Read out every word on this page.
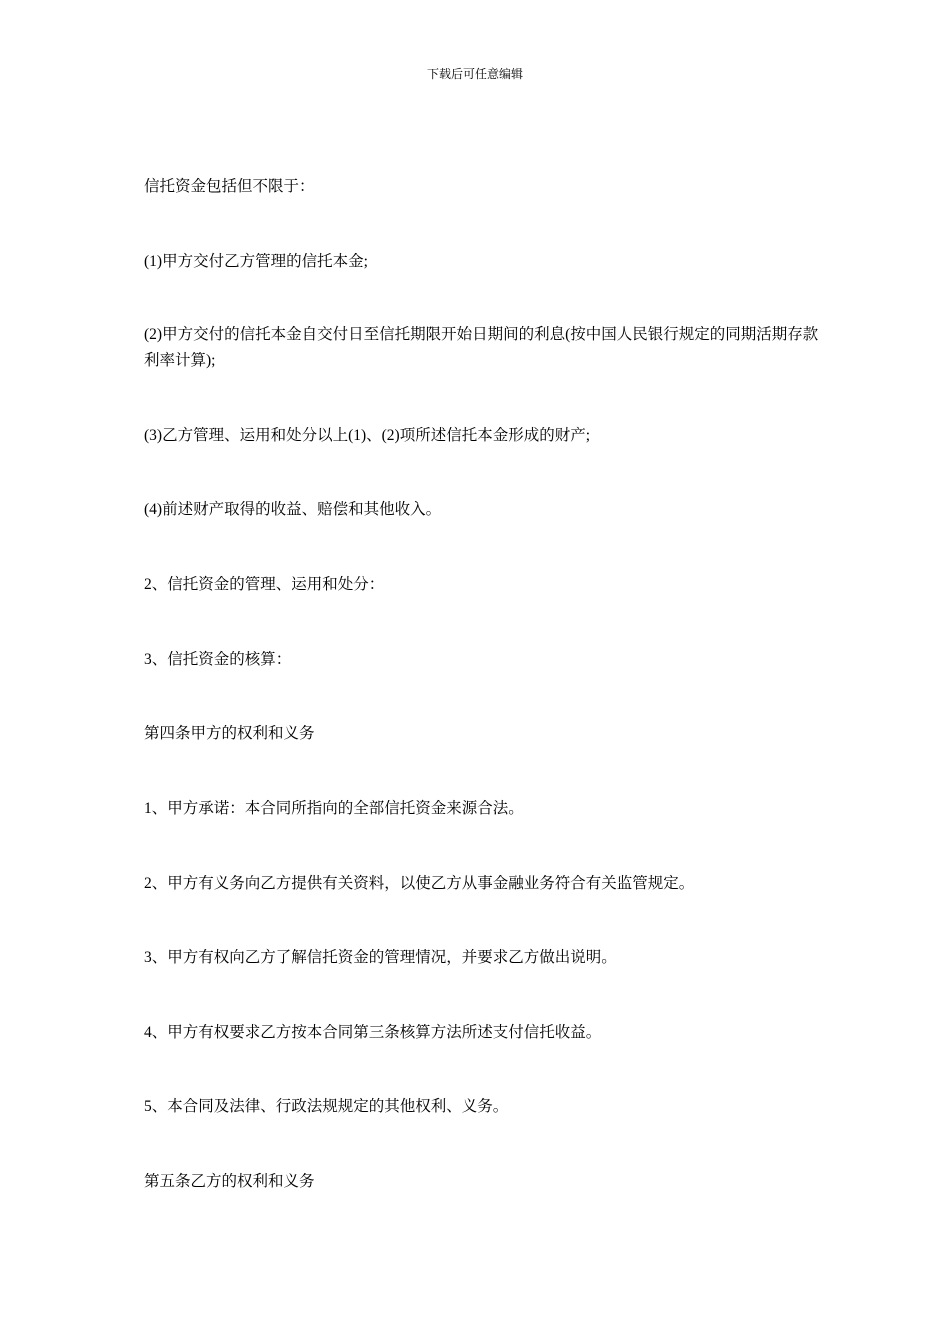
下载后可任意编辑

信托资金包括但不限于：

(1)甲方交付乙方管理的信托本金;

(2)甲方交付的信托本金自交付日至信托期限开始日期间的利息(按中国人民银行规定的同期活期存款利率计算);

(3)乙方管理、运用和处分以上(1)、(2)项所述信托本金形成的财产;

(4)前述财产取得的收益、赔偿和其他收入。

2、信托资金的管理、运用和处分：

3、信托资金的核算：

第四条甲方的权利和义务

1、甲方承诺：本合同所指向的全部信托资金来源合法。

2、甲方有义务向乙方提供有关资料，以使乙方从事金融业务符合有关监管规定。

3、甲方有权向乙方了解信托资金的管理情况，并要求乙方做出说明。

4、甲方有权要求乙方按本合同第三条核算方法所述支付信托收益。

5、本合同及法律、行政法规规定的其他权利、义务。

第五条乙方的权利和义务
